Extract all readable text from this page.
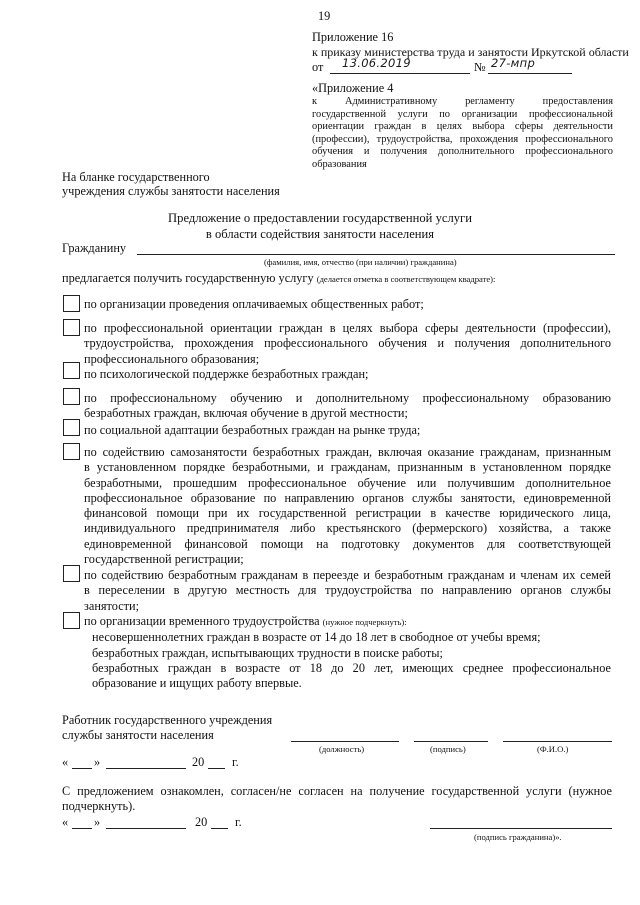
19
Приложение 16
к приказу министерства труда и занятости Иркутской области
от 13.06.2019	№ 27-мпр
«Приложение 4
к Административному регламенту предоставления
государственной услуги по организации профессиональной
ориентации граждан в целях выбора сферы деятельности
(профессии), трудоустройства, прохождения профессионального
обучения и получения дополнительного профессионального
образования
На бланке государственного
учреждения службы занятости населения
Предложение о предоставлении государственной услуги
в области содействия занятости населения
Гражданину
(фамилия, имя, отчество (при наличии) гражданина)
предлагается получить государственную услугу (делается отметка в соответствующем квадрате):
по организации проведения оплачиваемых общественных работ;
по профессиональной ориентации граждан в целях выбора сферы деятельности (профессии),
трудоустройства, прохождения профессионального обучения и получения дополнительного
профессионального образования;
по психологической поддержке безработных граждан;
по профессиональному обучению и дополнительному профессиональному образованию
безработных граждан, включая обучение в другой местности;
по социальной адаптации безработных граждан на рынке труда;
по содействию самозанятости безработных граждан, включая оказание гражданам, признанным
в установленном порядке безработными, и гражданам, признанным в установленном порядке
безработными, прошедшим профессиональное обучение или получившим дополнительное
профессиональное образование по направлению органов службы занятости, единовременной
финансовой помощи при их государственной регистрации в качестве юридического лица,
индивидуального предпринимателя либо крестьянского (фермерского) хозяйства, а также
единовременной финансовой помощи на подготовку документов для соответствующей
государственной регистрации;
по содействию безработным гражданам в переезде и безработным гражданам и членам их семей
в переселении в другую местность для трудоустройства по направлению органов службы
занятости;
по организации временного трудоустройства (нужное подчеркнуть):
несовершеннолетних граждан в возрасте от 14 до 18 лет в свободное от учебы время;
безработных граждан, испытывающих трудности в поиске работы;
безработных граждан в возрасте от 18 до 20 лет, имеющих среднее профессиональное
образование и ищущих работу впервые.
Работник государственного учреждения
службы занятости населения
(должность)	(подпись)	(Ф.И.О.)
« »	20 г.
С предложением ознакомлен, согласен/не согласен на получение государственной услуги (нужное
подчеркнуть).
« »	20 г.
(подпись гражданина)».
